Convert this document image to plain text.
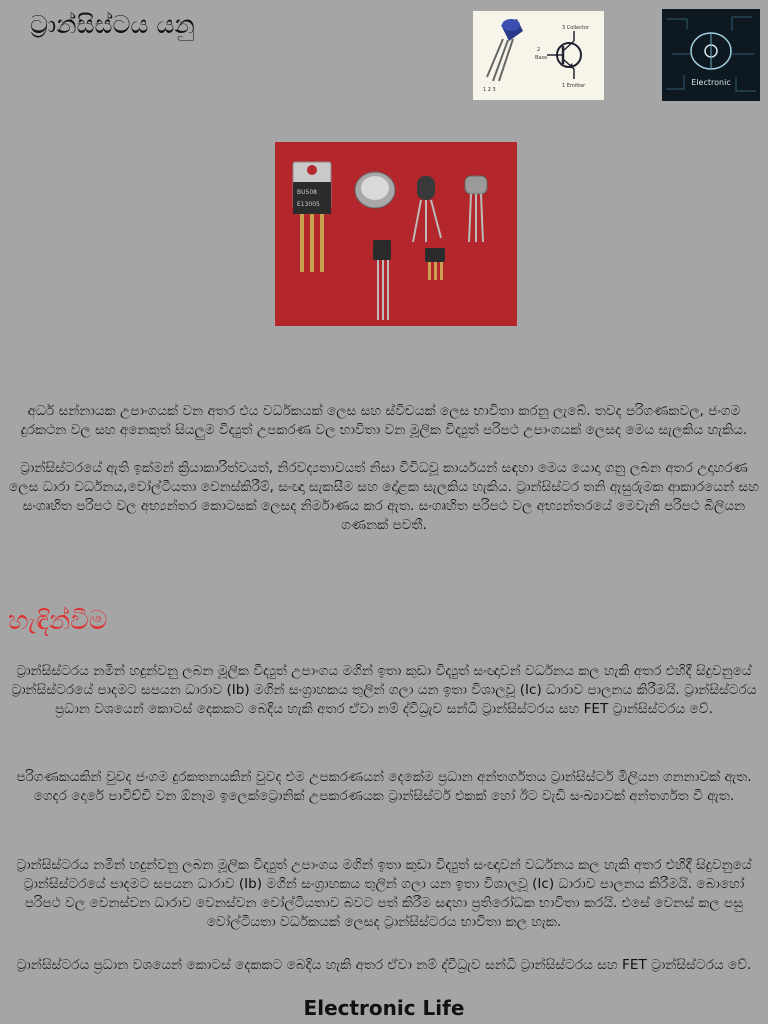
ට්‍රාන්සිස්ටය යනු
1 2 3
3 Collector
2
Base
1 Emitter	Electronic
BU508
E13005

අර්ධ සන්නායක උපාංගයක් වන අතර එය වර්ධකයක් ලෙස සහ ස්විචයක් ලෙස භාවිතා කරනු ලැබේ. තවද පරිගණකවල, ජංගම දුරකථන වල සහ අනෙකුත් සියලුම විද්‍යුත් උපකරණ වල භාවිතා වන මූලික විද්‍යුත් පරිපථ උපාංගයක් ලෙසද මෙය සැලකිය හැකිය.

ට්‍රාන්සිස්ටරයේ ඇති ඉක්මන් ක්‍රියාකාරිත්වයත්, නිරවද්‍යතාවයත් නිසා විවිධවූ කාර්යයන් සඳහා මෙය යොදා ගනු ලබන අතර උදාහරණ ලෙස ධාරා වර්ධනය,වෝල්ටීයතා වෙනස්කිරීම්, සංඥා සැකසීම සහ දෝළක සැලකිය හැකිය. ට්‍රාන්සිස්ටර තනි ඇසුරුමක ආකාරයෙන් සහ සංගෘහිත පරිපථ වල අභ්‍යන්තර කොටසක් ලෙසද නිර්මාණය කර ඇත. සංගෘහිත පරිපථ වල අභ්‍යන්තරයේ මෙවැනි පරිපථ බිලියන ගණනක් පවතී.

හැඳින්වීම

ට්‍රාන්සිස්ටරය නමින් හදුන්වනු ලබන මූලික විද්‍යුත් උපාංගය මගින් ඉතා කුඩා විද්‍යුත් සංඥාවන් වර්ධනය කල හැකි අතර එහිදී සිදුවනුයේ ට්‍රාන්සිස්ටරයේ පාදමට සපයන ධාරාව (Ib) මගින් සංග්‍රාහකය තුලින් ගලා යන ඉතා විශාලවූ (Ic) ධාරාව පාලනය කිරීමයි. ට්‍රාන්සිස්ටරය ප්‍රධාන වශයෙන් කොටස් දෙකකට බෙදිය හැකි අතර ඒවා නම් ද්වීධ්‍රැව සන්ධි ට්‍රාන්සිස්ටරය සහ FET ට්‍රාන්සිස්ටරය වේ.

පරිගණකයකින් වුවද ජංගම දුරකතනයකින් වුවද එම උපකරණයන් දෙකේම ප්‍රධාන අන්තර්ගතය ට්‍රාන්සිස්ටර් මිලියන ගනනාවක් ඇත. ගෙදර දොරේ පාවිච්චි වන ඕනෑම ඉලෙක්ට්‍රොනික් උපකරණයක ට්‍රාන්සිස්ටර් එකක් හෝ ඊට වැඩි සංඛ්‍යාවක් අන්තර්ගත වී ඇත.

ට්‍රාන්සිස්ටරය නමින් හදුන්වනු ලබන මූලික විද්‍යුත් උපාංගය මගින් ඉතා කුඩා විද්‍යුත් සංඥාවන් වර්ධනය කල හැකි අතර එහිදී සිදුවනුයේ ට්‍රාන්සිස්ටරයේ පාදමට සපයන ධාරාව (Ib) මගින් සංග්‍රාහකය තුලින් ගලා යන ඉතා විශාලවූ (Ic) ධාරාව පාලනය කිරීමයි. බොහෝ පරිපථ වල වෙනස්වන ධාරාව වෙනස්වන වෝල්ටීයතාව බවට පත් කිරීම සඳහා ප්‍රතිරෝධක භාවිතා කරයි. එසේ වෙනස් කල පසු වෝල්ටීයතා වර්ධකයක් ලෙසද ට්‍රාන්සිස්ටරය භාවිතා කල හැක.

ට්‍රාන්සිස්ටරය ප්‍රධාන වශයෙන් කොටස් දෙකකට බෙදිය හැකි අතර ඒවා නම් ද්වීධ්‍රැව සන්ධි ට්‍රාන්සිස්ටරය සහ FET ට්‍රාන්සිස්ටරය වේ.

Electronic Life
